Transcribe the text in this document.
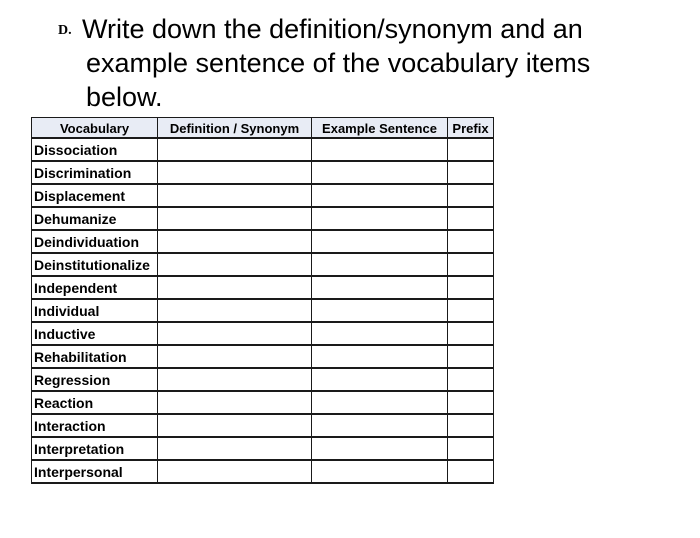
D. Write down the definition/synonym and an
example sentence of the vocabulary items
below.
Vocabulary	Definition / Synonym	Example Sentence	Prefix
Dissociation			
Discrimination			
Displacement			
Dehumanize			
Deindividuation			
Deinstitutionalize			
Independent			
Individual			
Inductive			
Rehabilitation			
Regression			
Reaction			
Interaction			
Interpretation			
Interpersonal			
